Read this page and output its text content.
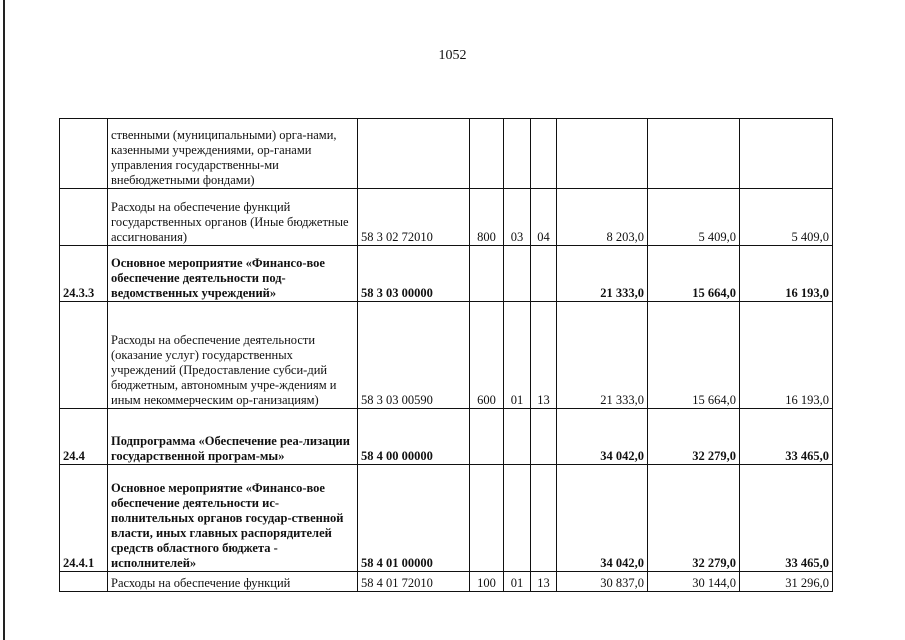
1052
	ственными (муниципальными) орга-нами, казенными учреждениями, ор-ганами управления государственны-ми внебюджетными фондами)							
	Расходы на обеспечение функций государственных органов (Иные бюджетные ассигнования)	58 3 02 72010	800	03	04	8 203,0	5 409,0	5 409,0
24.3.3	Основное мероприятие «Финансо-вое обеспечение деятельности под-ведомственных учреждений»	58 3 03 00000				21 333,0	15 664,0	16 193,0
	Расходы на обеспечение деятельности (оказание услуг) государственных учреждений (Предоставление субси-дий бюджетным, автономным учре-ждениям и иным некоммерческим ор-ганизациям)	58 3 03 00590	600	01	13	21 333,0	15 664,0	16 193,0
24.4	Подпрограмма «Обеспечение реа-лизации государственной програм-мы»	58 4 00 00000				34 042,0	32 279,0	33 465,0
24.4.1	Основное мероприятие «Финансо-вое обеспечение деятельности ис-полнительных органов государ-ственной власти, иных главных распорядителей средств областного бюджета - исполнителей»	58 4 01 00000				34 042,0	32 279,0	33 465,0
	Расходы на обеспечение функций	58 4 01 72010	100	01	13	30 837,0	30 144,0	31 296,0
